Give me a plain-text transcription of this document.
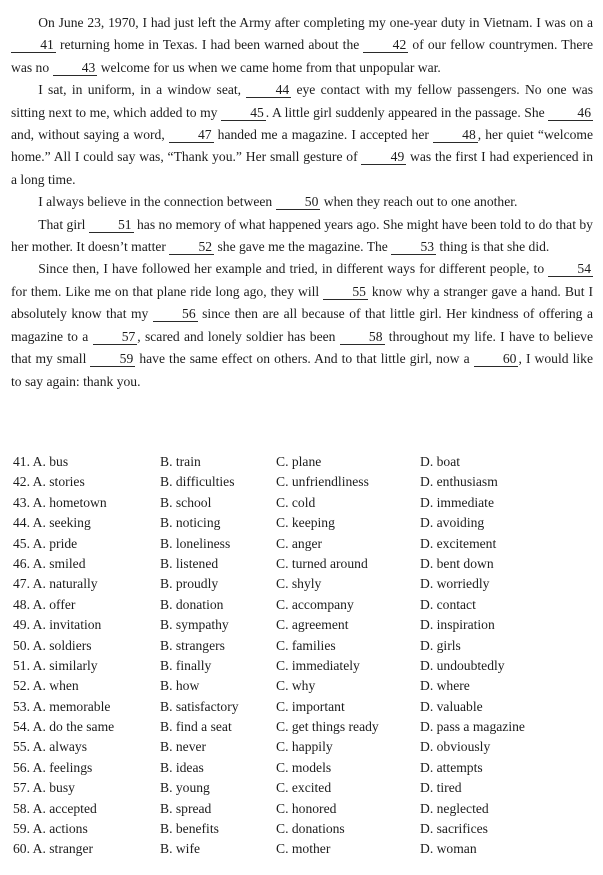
On June 23, 1970, I had just left the Army after completing my one-year duty in Vietnam. I was on a 41 returning home in Texas. I had been warned about the 42 of our fellow countrymen. There was no 43 welcome for us when we came home from that unpopular war.

I sat, in uniform, in a window seat, 44 eye contact with my fellow passengers. No one was sitting next to me, which added to my 45 . A little girl suddenly appeared in the passage. She 46 and, without saying a word, 47 handed me a magazine. I accepted her 48 , her quiet “welcome home.” All I could say was, “Thank you.” Her small gesture of 49 was the first I had experienced in a long time.

I always believe in the connection between 50 when they reach out to one another.

That girl 51 has no memory of what happened years ago. She might have been told to do that by her mother. It doesn’t matter 52 she gave me the magazine. The 53 thing is that she did.

Since then, I have followed her example and tried, in different ways for different people, to 54 for them. Like me on that plane ride long ago, they will 55 know why a stranger gave a hand. But I absolutely know that my 56 since then are all because of that little girl. Her kindness of offering a magazine to a 57 , scared and lonely soldier has been 58 throughout my life. I have to believe that my small 59 have the same effect on others. And to that little girl, now a 60 , I would like to say again: thank you.

41. A. bus	B. train	C. plane	D. boat
42. A. stories	B. difficulties	C. unfriendliness	D. enthusiasm
43. A. hometown	B. school	C. cold	D. immediate
44. A. seeking	B. noticing	C. keeping	D. avoiding
45. A. pride	B. loneliness	C. anger	D. excitement
46. A. smiled	B. listened	C. turned around	D. bent down
47. A. naturally	B. proudly	C. shyly	D. worriedly
48. A. offer	B. donation	C. accompany	D. contact
49. A. invitation	B. sympathy	C. agreement	D. inspiration
50. A. soldiers	B. strangers	C. families	D. girls
51. A. similarly	B. finally	C. immediately	D. undoubtedly
52. A. when	B. how	C. why	D. where
53. A. memorable	B. satisfactory	C. important	D. valuable
54. A. do the same	B. find a seat	C. get things ready	D. pass a magazine
55. A. always	B. never	C. happily	D. obviously
56. A. feelings	B. ideas	C. models	D. attempts
57. A. busy	B. young	C. excited	D. tired
58. A. accepted	B. spread	C. honored	D. neglected
59. A. actions	B. benefits	C. donations	D. sacrifices
60. A. stranger	B. wife	C. mother	D. woman
